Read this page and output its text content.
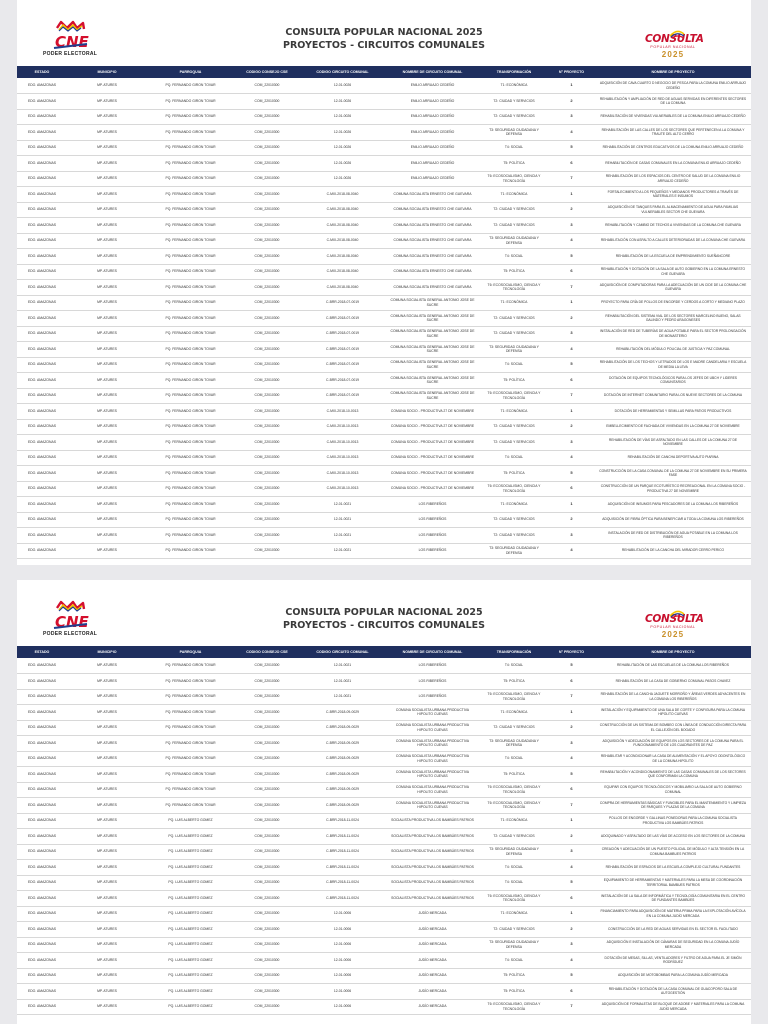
CNE
PODER ELECTORAL
CONSULTA POPULAR NACIONAL 2025
PROYECTOS - CIRCUITOS COMUNALES
CONSULTA
POPULAR NACIONAL
2025
ESTADO	MUNICIPIO	PARROQUIA	CODIGO CONSEJO CSE	CODIGO CIRCUITO COMUNAL	NOMBRE DE CIRCUITO COMUNAL	TRANSFORMACIÓN	N° PROYECTO	NOMBRE DE PROYECTO
EDO. AMAZONAS	MP. ATURES	PQ. FERNANDO GIRON TOVAR	COM_22010300	12-01-0026	ENILIO ARRUAJO CEDEÑO	T1: ECONÓMICA	1	ADQUISICIÓN DE CAVA CUARTO D NEGOCIO DE PESCA PARA LA COMUNA ENILIO ARRUAJO CEDEÑO
EDO. AMAZONAS	MP. ATURES	PQ. FERNANDO GIRON TOVAR	COM_22010300	12-01-0026	ENILIO ARRUAJO CEDEÑO	T2: CIUDAD Y SERVICIOS	2	REHABILITACIÓN Y AMPLIACIÓN DE RED DE AGUAS SERVIDAS EN DIFERENTES SECTORES DE LA COMUNA
EDO. AMAZONAS	MP. ATURES	PQ. FERNANDO GIRON TOVAR	COM_22010300	12-01-0026	ENILIO ARRUAJO CEDEÑO	T2: CIUDAD Y SERVICIOS	3	REHABILITACIÓN DE VIVIENDAS VULNERABLES DE LA COMUNA ENILIO ARRUAJO CEDEÑO
EDO. AMAZONAS	MP. ATURES	PQ. FERNANDO GIRON TOVAR	COM_22010300	12-01-0026	ENILIO ARRUAJO CEDEÑO	T3: SEGURIDAD CIUDADANA Y DEFENSA	4	REHABILITACIÓN DE LAS CALLES DE LOS SECTORES QUE PERTENECEN A LA COMUNA Y TRAUTE DEL ALTO CERRO
EDO. AMAZONAS	MP. ATURES	PQ. FERNANDO GIRON TOVAR	COM_22010300	12-01-0026	ENILIO ARRUAJO CEDEÑO	T4: SOCIAL	5	REHABILITACIÓN DE CENTROS EDUCATIVOS DE LA COMUNA ENILIO ARRUAJO CEDEÑO
EDO. AMAZONAS	MP. ATURES	PQ. FERNANDO GIRON TOVAR	COM_22010300	12-01-0026	ENILIO ARRUAJO CEDEÑO	T5: POLÍTICA	6	REHABILITACIÓN DE CASAS COMUNALES EN LA COMUNA ENILIO ARRUAJO CEDEÑO
EDO. AMAZONAS	MP. ATURES	PQ. FERNANDO GIRON TOVAR	COM_22010300	12-01-0026	ENILIO ARRUAJO CEDEÑO	T6: ECOSOCIALISMO, CIENCIA Y TECNOLOGÍA	7	REHABILITACIÓN DE LOS ESPACIOS DEL CENTRO DE SALUD DE LA COMUNA ENILIO ARRUAJO CEDEÑO
EDO. AMAZONAS	MP. ATURES	PQ. FERNANDO GIRON TOVAR	COM_22010300	C-MIX-2018-08-0040	COMUNA SOCIALISTA ERNESTO CHE GUEVARA	T1: ECONÓMICA	1	FORTALECIMIENTO A LOS PEQUEÑOS Y MEDIANOS PRODUCTORES A TRAVÉS DE MATERIALES E INSUMOS
EDO. AMAZONAS	MP. ATURES	PQ. FERNANDO GIRON TOVAR	COM_22010300	C-MIX-2018-08-0040	COMUNA SOCIALISTA ERNESTO CHE GUEVARA	T2: CIUDAD Y SERVICIOS	2	ADQUISICIÓN DE TANQUES PARA EL ALMACENAMIENTO DE AGUA PARA FAMILIAS VULNERABLES SECTOR CHE GUEVARA
EDO. AMAZONAS	MP. ATURES	PQ. FERNANDO GIRON TOVAR	COM_22010300	C-MIX-2018-08-0040	COMUNA SOCIALISTA ERNESTO CHE GUEVARA	T2: CIUDAD Y SERVICIOS	3	REHABILITACIÓN Y CAMBIO DE TECHOS A VIVIENDAS DE LA COMUNA CHE GUEVARA
EDO. AMAZONAS	MP. ATURES	PQ. FERNANDO GIRON TOVAR	COM_22010300	C-MIX-2018-08-0040	COMUNA SOCIALISTA ERNESTO CHE GUEVARA	T3: SEGURIDAD CIUDADANA Y DEFENSA	4	REHABILITACIÓN CON ASFALTO A CALLES DETERIORADAS DE LA COMUNA CHE GUEVARA
EDO. AMAZONAS	MP. ATURES	PQ. FERNANDO GIRON TOVAR	COM_22010300	C-MIX-2018-08-0040	COMUNA SOCIALISTA ERNESTO CHE GUEVARA	T4: SOCIAL	5	REHABILITACIÓN DE LA ESCUELA DE EMPRENDIMIENTO SUEÑANCORE
EDO. AMAZONAS	MP. ATURES	PQ. FERNANDO GIRON TOVAR	COM_22010300	C-MIX-2018-08-0040	COMUNA SOCIALISTA ERNESTO CHE GUEVARA	T5: POLÍTICA	6	REHABILITACIÓN Y DOTACIÓN DE LA SALA DE AUTO GOBIERNO EN LA COMUNA ERNESTO CHE GUEVARA
EDO. AMAZONAS	MP. ATURES	PQ. FERNANDO GIRON TOVAR	COM_22010300	C-MIX-2018-08-0040	COMUNA SOCIALISTA ERNESTO CHE GUEVARA	T6: ECOSOCIALISMO, CIENCIA Y TECNOLOGÍA	7	ADQUISICIÓN DE COMPUTADORAS PARA LA ADECUACIÓN DE UN CIDE DE LA COMUNA CHE GUEVARA
EDO. AMAZONAS	MP. ATURES	PQ. FERNANDO GIRON TOVAR	COM_22010300	C-BRR-2018-07-0019	COMUNA SOCIALISTA GENERAL ANTONIO JOSE DE SUCRE	T1: ECONÓMICA	1	PROYECTO PARA CRÍA DE POLLOS DE ENGORDE Y CERDOS A CORTO Y MEDIANO PLAZO
EDO. AMAZONAS	MP. ATURES	PQ. FERNANDO GIRON TOVAR	COM_22010300	C-BRR-2018-07-0019	COMUNA SOCIALISTA GENERAL ANTONIO JOSE DE SUCRE	T2: CIUDAD Y SERVICIOS	2	REHABILITACIÓN DEL SISTEMA VIAL DE LOS SECTORES MARCELINO BUENO, SALAS GALINDO Y PEDRO ARAGONESES
EDO. AMAZONAS	MP. ATURES	PQ. FERNANDO GIRON TOVAR	COM_22010300	C-BRR-2018-07-0019	COMUNA SOCIALISTA GENERAL ANTONIO JOSE DE SUCRE	T2: CIUDAD Y SERVICIOS	3	INSTALACIÓN DE RED DE TUBERÍAS DE AGUA POTABLE PARA EL SECTOR PROLONGACIÓN DE MONASTERIO
EDO. AMAZONAS	MP. ATURES	PQ. FERNANDO GIRON TOVAR	COM_22010300	C-BRR-2018-07-0019	COMUNA SOCIALISTA GENERAL ANTONIO JOSE DE SUCRE	T3: SEGURIDAD CIUDADANA Y DEFENSA	4	REHABILITACIÓN DEL MÓDULO POLICIAL DE JUSTICIA Y PAZ COMUNAL
EDO. AMAZONAS	MP. ATURES	PQ. FERNANDO GIRON TOVAR	COM_22010300	C-BRR-2018-07-0019	COMUNA SOCIALISTA GENERAL ANTONIO JOSE DE SUCRE	T4: SOCIAL	5	REHABILITACIÓN DE LOS TECHOS Y LETRADOS DE LOS E MADRE CANDELARIA Y ESCUELA DE MEDIA LA LEVA
EDO. AMAZONAS	MP. ATURES	PQ. FERNANDO GIRON TOVAR	COM_22010300	C-BRR-2018-07-0019	COMUNA SOCIALISTA GENERAL ANTONIO JOSE DE SUCRE	T5: POLÍTICA	6	DOTACIÓN DE EQUIPOS TECNOLÓGICOS PARA LOS JEFES DE UBCH Y LIDERES COMUNITARIOS
EDO. AMAZONAS	MP. ATURES	PQ. FERNANDO GIRON TOVAR	COM_22010300	C-BRR-2018-07-0019	COMUNA SOCIALISTA GENERAL ANTONIO JOSE DE SUCRE	T6: ECOSOCIALISMO, CIENCIA Y TECNOLOGÍA	7	DOTACIÓN DE INTERNET COMUNITARIO PARA LOS NUEVE SECTORES DE LA COMUNA
EDO. AMAZONAS	MP. ATURES	PQ. FERNANDO GIRON TOVAR	COM_22010300	C-MIX-2018-10-0013	COMUNA SOCIO - PRODUCTIVA 27 DE NOVIEMBRE	T1: ECONÓMICA	1	DOTACIÓN DE HERRAMIENTAS Y SEMILLAS PARA PATIOS PRODUCTIVOS
EDO. AMAZONAS	MP. ATURES	PQ. FERNANDO GIRON TOVAR	COM_22010300	C-MIX-2018-10-0013	COMUNA SOCIO - PRODUCTIVA 27 DE NOVIEMBRE	T2: CIUDAD Y SERVICIOS	2	EMBELLECIMIENTO DE FACHADA DE VIVIENDAS EN LA COMUNA 27 DE NOVIEMBRE
EDO. AMAZONAS	MP. ATURES	PQ. FERNANDO GIRON TOVAR	COM_22010300	C-MIX-2018-10-0013	COMUNA SOCIO - PRODUCTIVA 27 DE NOVIEMBRE	T2: CIUDAD Y SERVICIOS	3	REHABILITACIÓN DE VÍAS DE ASFALTADO EN LAS CALLES DE LA COMUNA 27 DE NOVIEMBRE
EDO. AMAZONAS	MP. ATURES	PQ. FERNANDO GIRON TOVAR	COM_22010300	C-MIX-2018-10-0013	COMUNA SOCIO - PRODUCTIVA 27 DE NOVIEMBRE	T4: SOCIAL	4	REHABILITACIÓN DE CANCHA DEPORTIVA AUTO PIARINA
EDO. AMAZONAS	MP. ATURES	PQ. FERNANDO GIRON TOVAR	COM_22010300	C-MIX-2018-10-0013	COMUNA SOCIO - PRODUCTIVA 27 DE NOVIEMBRE	T5: POLÍTICA	5	CONSTRUCCIÓN DE LA CASA COMUNAL DE LA COMUNA 27 DE NOVIEMBRE EN SU PRIMERA FASE
EDO. AMAZONAS	MP. ATURES	PQ. FERNANDO GIRON TOVAR	COM_22010300	C-MIX-2018-10-0013	COMUNA SOCIO - PRODUCTIVA 27 DE NOVIEMBRE	T6: ECOSOCIALISMO, CIENCIA Y TECNOLOGÍA	6	CONSTRUCCIÓN DE UN PARQUE ECOTURÍSTICO RECREACIONAL EN LA COMUNA SOCIO - PRODUCTIVA 27 DE NOVIEMBRE
EDO. AMAZONAS	MP. ATURES	PQ. FERNANDO GIRON TOVAR	COM_22010300	12-01-0021	LOS RIBEREÑOS	T1: ECONÓMICA	1	ADQUISICIÓN DE INSUMOS PARA PESCADORES DE LA COMUNA LOS RIBEREÑOS
EDO. AMAZONAS	MP. ATURES	PQ. FERNANDO GIRON TOVAR	COM_22010300	12-01-0021	LOS RIBEREÑOS	T2: CIUDAD Y SERVICIOS	2	ADQUISICIÓN DE FIBRA ÓPTICA PARA BENEFICIAR A TODA LA COMUNA LOS RIBEREÑOS
EDO. AMAZONAS	MP. ATURES	PQ. FERNANDO GIRON TOVAR	COM_22010300	12-01-0021	LOS RIBEREÑOS	T2: CIUDAD Y SERVICIOS	3	INSTALACIÓN DE RED DE DISTRIBUCIÓN DE AGUA POTABLE EN LA COMUNA LOS RIBEREÑOS
EDO. AMAZONAS	MP. ATURES	PQ. FERNANDO GIRON TOVAR	COM_22010300	12-01-0021	LOS RIBEREÑOS	T3: SEGURIDAD CIUDADANA Y DEFENSA	4	REHABILITACIÓN DE LA CANCHA DEL MIRADOR CERRO PERICO
CNE
PODER ELECTORAL
CONSULTA POPULAR NACIONAL 2025
PROYECTOS - CIRCUITOS COMUNALES
CONSULTA
POPULAR NACIONAL
2025
ESTADO	MUNICIPIO	PARROQUIA	CODIGO CONSEJO CSE	CODIGO CIRCUITO COMUNAL	NOMBRE DE CIRCUITO COMUNAL	TRANSFORMACIÓN	N° PROYECTO	NOMBRE DE PROYECTO
EDO. AMAZONAS	MP. ATURES	PQ. FERNANDO GIRON TOVAR	COM_22010300	12-01-0021	LOS RIBEREÑOS	T4: SOCIAL	5	REHABILITACIÓN DE LAS ESCUELAS DE LA COMUNA LOS RIBEREÑOS
EDO. AMAZONAS	MP. ATURES	PQ. FERNANDO GIRON TOVAR	COM_22010300	12-01-0021	LOS RIBEREÑOS	T5: POLÍTICA	6	REHABILITACIÓN DE LA CASA DE GOBIERNO COMUNAL PASOS CHAVEZ
EDO. AMAZONAS	MP. ATURES	PQ. FERNANDO GIRON TOVAR	COM_22010300	12-01-0021	LOS RIBEREÑOS	T6: ECOSOCIALISMO, CIENCIA Y TECNOLOGÍA	7	REHABILITACIÓN DE LA CANCHA JAGUETE MORROÑO Y ÁREAS VERDES ADYACENTES EN LA COMUNA LOS RIBEREÑOS
EDO. AMAZONAS	MP. ATURES	PQ. FERNANDO GIRON TOVAR	COM_22010300	C-BRR-2018-09-0029	COMUNA SOCIALISTA URBANA PRODUCTIVA HIPOLITO CUEVAS	T1: ECONÓMICA	1	INSTALACIÓN Y EQUIPAMIENTO DE UNA SALA DE CORTE Y CONFIGURA PARA LA COMUNA HIPOLITO CUEVAS
EDO. AMAZONAS	MP. ATURES	PQ. FERNANDO GIRON TOVAR	COM_22010300	C-BRR-2018-09-0029	COMUNA SOCIALISTA URBANA PRODUCTIVA HIPOLITO CUEVAS	T2: CIUDAD Y SERVICIOS	2	CONSTRUCCIÓN DE UN SISTEMA DE BOMBEO CON LÍNEA DE CONDUCCIÓN DIRECTA PARA EL CALLEJÓN DEL BOGADO
EDO. AMAZONAS	MP. ATURES	PQ. FERNANDO GIRON TOVAR	COM_22010300	C-BRR-2018-09-0029	COMUNA SOCIALISTA URBANA PRODUCTIVA HIPOLITO CUEVAS	T3: SEGURIDAD CIUDADANA Y DEFENSA	3	ADQUISICIÓN Y ADECUACIÓN DE EQUIPOS EN LOS SECTORES DE LA COMUNA PARA EL FUNCIONAMIENTO DE LOS CUADRANTES DE PAZ
EDO. AMAZONAS	MP. ATURES	PQ. FERNANDO GIRON TOVAR	COM_22010300	C-BRR-2018-09-0029	COMUNA SOCIALISTA URBANA PRODUCTIVA HIPOLITO CUEVAS	T4: SOCIAL	4	REHABILITAR Y ACONDICIONAR LA CASA DE ALIMENTACIÓN Y EL APOYO ODONTOLÓGICO DE LA COMUNA HIPOLITO
EDO. AMAZONAS	MP. ATURES	PQ. FERNANDO GIRON TOVAR	COM_22010300	C-BRR-2018-09-0029	COMUNA SOCIALISTA URBANA PRODUCTIVA HIPOLITO CUEVAS	T5: POLÍTICA	5	REHABILITACIÓN Y ACONDICIONAMIENTO DE LAS CASAS COMUNALES DE LOS SECTORES QUE CONFORMAN LA COMUNA
EDO. AMAZONAS	MP. ATURES	PQ. FERNANDO GIRON TOVAR	COM_22010300	C-BRR-2018-09-0029	COMUNA SOCIALISTA URBANA PRODUCTIVA HIPOLITO CUEVAS	T6: ECOSOCIALISMO, CIENCIA Y TECNOLOGÍA	6	EQUIPAR CON EQUIPOS TECNOLÓGICOS Y MOBILIARIO LA SALA DE AUTO GOBIERNO COMUNAL
EDO. AMAZONAS	MP. ATURES	PQ. FERNANDO GIRON TOVAR	COM_22010300	C-BRR-2018-09-0029	COMUNA SOCIALISTA URBANA PRODUCTIVA HIPOLITO CUEVAS	T6: ECOSOCIALISMO, CIENCIA Y TECNOLOGÍA	7	COMPRA DE HERRAMIENTAS BÁSICAS Y FUNGIBLES PARA EL MANTENIMIENTO Y LIMPIEZA DE PARQUES Y PLAZAS DE LA COMUNA
EDO. AMAZONAS	MP. ATURES	PQ. LUIS ALBERTO GOMEZ	COM_22010300	C-BRR-2018-11-0024	SOCIALISTA PRODUCTIVA LOS BAMBÚES PATRIOS	T1: ECONÓMICA	1	POLLOS DE ENGORDE Y GALLINAS PONEDORAS PARA LA COMUNA SOCIALISTA PRODUCTIVA LOS BAMBÚES PATRIOS
EDO. AMAZONAS	MP. ATURES	PQ. LUIS ALBERTO GOMEZ	COM_22010300	C-BRR-2018-11-0024	SOCIALISTA PRODUCTIVA LOS BAMBÚES PATRIOS	T2: CIUDAD Y SERVICIOS	2	ADOQUINADO Y ASFALTADO DE LAS VÍAS DE ACCESO EN LOS SECTORES DE LA COMUNA
EDO. AMAZONAS	MP. ATURES	PQ. LUIS ALBERTO GOMEZ	COM_22010300	C-BRR-2018-11-0024	SOCIALISTA PRODUCTIVA LOS BAMBÚES PATRIOS	T3: SEGURIDAD CIUDADANA Y DEFENSA	3	CREACIÓN Y ADECUACIÓN DE UN PUESTO POLICIAL DE MÓDULO Y ALTA TENSIÓN EN LA COMUNA BAMBUES PATRIOS
EDO. AMAZONAS	MP. ATURES	PQ. LUIS ALBERTO GOMEZ	COM_22010300	C-BRR-2018-11-0024	SOCIALISTA PRODUCTIVA LOS BAMBÚES PATRIOS	T4: SOCIAL	4	REHABILITACIÓN DE ESPACIOS DE LA ESCUELA COMPLEJO CULTURAL FUNDANTES
EDO. AMAZONAS	MP. ATURES	PQ. LUIS ALBERTO GOMEZ	COM_22010300	C-BRR-2018-11-0024	SOCIALISTA PRODUCTIVA LOS BAMBÚES PATRIOS	T4: SOCIAL	5	EQUIPAMIENTO DE HERRAMIENTAS Y MATERIALES PARA LA MESA DE COORDINACIÓN TERRITORIAL BAMBUES PATRIOS
EDO. AMAZONAS	MP. ATURES	PQ. LUIS ALBERTO GOMEZ	COM_22010300	C-BRR-2018-11-0024	SOCIALISTA PRODUCTIVA LOS BAMBÚES PATRIOS	T6: ECOSOCIALISMO, CIENCIA Y TECNOLOGÍA	6	INSTALACIÓN DE LA SALA DE INFORMÁTICA Y TECNOLOGÍA COMUNITARIA EN EL CENTRO DE FUNDANTES BAMBÚES
EDO. AMAZONAS	MP. ATURES	PQ. LUIS ALBERTO GOMEZ	COM_22010300	12-01-0006	JUDÍO MERCADA	T1: ECONÓMICA	1	FINANCIAMIENTO PARA ADQUISICIÓN DE MATERIA PRIMA PARA LA EXPLOTACIÓN AVÍCOLA EN LA COMUNA JUDÍO MERCADA
EDO. AMAZONAS	MP. ATURES	PQ. LUIS ALBERTO GOMEZ	COM_22010300	12-01-0006	JUDÍO MERCADA	T2: CIUDAD Y SERVICIOS	2	CONSTRUCCIÓN DE LA RED DE AGUAS SERVIDAS EN EL SECTOR EL FACILITADO
EDO. AMAZONAS	MP. ATURES	PQ. LUIS ALBERTO GOMEZ	COM_22010300	12-01-0006	JUDÍO MERCADA	T3: SEGURIDAD CIUDADANA Y DEFENSA	3	ADQUISICIÓN E INSTALACIÓN DE CÁMARAS DE SEGURIDAD EN LA COMUNA JUDÍO MERCADA
EDO. AMAZONAS	MP. ATURES	PQ. LUIS ALBERTO GOMEZ	COM_22010300	12-01-0006	JUDÍO MERCADA	T4: SOCIAL	4	DOTACIÓN DE MESAS, SILLAS, VENTILADORES Y FILTRO DE AGUA PARA EL JE SIMÓN RODRÍGUEZ
EDO. AMAZONAS	MP. ATURES	PQ. LUIS ALBERTO GOMEZ	COM_22010300	12-01-0006	JUDÍO MERCADA	T5: POLÍTICA	5	ADQUISICIÓN DE MOTOBOMBAS PARA LA COMUNA JUDÍO MERCADA
EDO. AMAZONAS	MP. ATURES	PQ. LUIS ALBERTO GOMEZ	COM_22010300	12-01-0006	JUDÍO MERCADA	T5: POLÍTICA	6	REHABILITACIÓN Y DOTACIÓN DE LA CASA COMUNAL DE GUACOPORO SALA DE AUTOGESTIÓN
EDO. AMAZONAS	MP. ATURES	PQ. LUIS ALBERTO GOMEZ	COM_22010300	12-01-0006	JUDÍO MERCADA	T6: ECOSOCIALISMO, CIENCIA Y TECNOLOGÍA	7	ADQUISICIÓN DE FORMALETAS DE BLOQUE DE ADOBE Y MATERIALES PARA LA COMUNA JUDÍO MERCADA
